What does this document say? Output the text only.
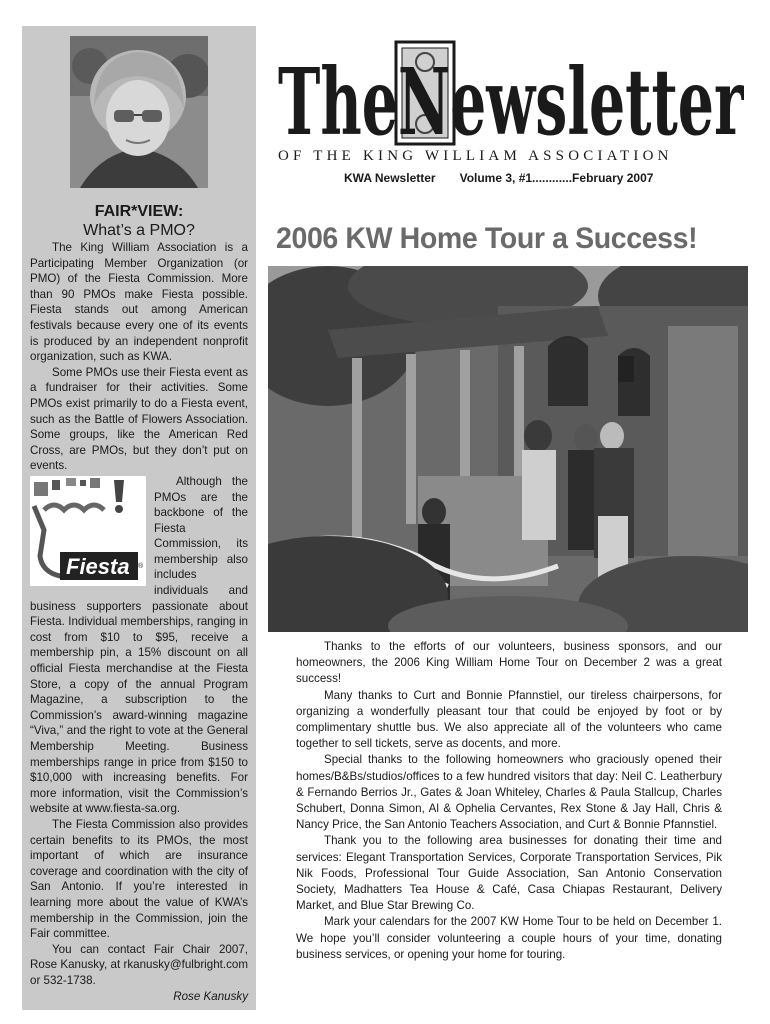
FAIR*VIEW:
What’s a PMO?

The King William Association is a Participating Member Organization (or PMO) of the Fiesta Commission. More than 90 PMOs make Fiesta possible. Fiesta stands out among American festivals because every one of its events is produced by an independent nonprofit organization, such as KWA.

Some PMOs use their Fiesta event as a fundraiser for their activities. Some PMOs exist primarily to do a Fiesta event, such as the Battle of Flowers Association. Some groups, like the American Red Cross, are PMOs, but they don’t put on events.

Fiesta ®

Although the PMOs are the backbone of the Fiesta Commission, its membership also includes individuals and business supporters passionate about Fiesta. Individual memberships, ranging in cost from $10 to $95, receive a membership pin, a 15% discount on all official Fiesta merchandise at the Fiesta Store, a copy of the annual Program Magazine, a subscription to the Commission’s award-winning magazine “Viva,” and the right to vote at the General Membership Meeting. Business memberships range in price from $150 to $10,000 with increasing benefits. For more information, visit the Commission’s website at www.fiesta-sa.org.

The Fiesta Commission also provides certain benefits to its PMOs, the most important of which are insurance coverage and coordination with the city of San Antonio. If you’re interested in learning more about the value of KWA’s membership in the Commission, join the Fair committee.

You can contact Fair Chair 2007, Rose Kanusky, at rkanusky@fulbright.com or 532-1738.

Rose Kanusky

TheNewsletter
OF THE KING WILLIAM ASSOCIATION
KWA Newsletter Volume 3, #1............February 2007
2006 KW Home Tour a Success!

Thanks to the efforts of our volunteers, business sponsors, and our homeowners, the 2006 King William Home Tour on December 2 was a great success!

Many thanks to Curt and Bonnie Pfannstiel, our tireless chairpersons, for organizing a wonderfully pleasant tour that could be enjoyed by foot or by complimentary shuttle bus. We also appreciate all of the volunteers who came together to sell tickets, serve as docents, and more.

Special thanks to the following homeowners who graciously opened their homes/B&Bs/studios/offices to a few hundred visitors that day: Neil C. Leatherbury & Fernando Berrios Jr., Gates & Joan Whiteley, Charles & Paula Stallcup, Charles Schubert, Donna Simon, Al & Ophelia Cervantes, Rex Stone & Jay Hall, Chris & Nancy Price, the San Antonio Teachers Association, and Curt & Bonnie Pfannstiel.

Thank you to the following area businesses for donating their time and services: Elegant Transportation Services, Corporate Transportation Services, Pik Nik Foods, Professional Tour Guide Association, San Antonio Conservation Society, Madhatters Tea House & Café, Casa Chiapas Restaurant, Delivery Market, and Blue Star Brewing Co.

Mark your calendars for the 2007 KW Home Tour to be held on December 1. We hope you’ll consider volunteering a couple hours of your time, donating business services, or opening your home for touring.
